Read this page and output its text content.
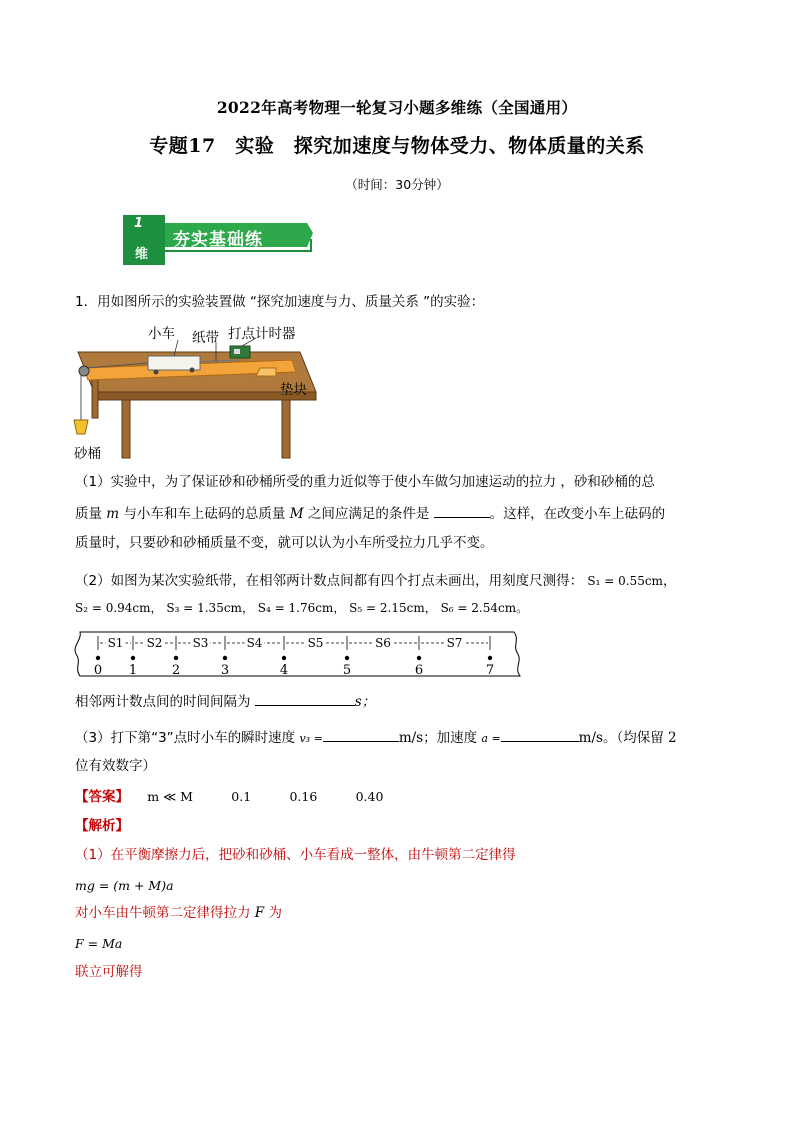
2022年高考物理一轮复习小题多维练（全国通用）
专题17　实验　探究加速度与物体受力、物体质量的关系
（时间：30分钟）
1
维
夯实基础练
1．用如图所示的实验装置做 “探究加速度与力、质量关系 ”的实验：
小车 纸带 打点计时器
垫块
砂桶
（1）实验中，为了保证砂和砂桶所受的重力近似等于使小车做匀加速运动的拉力 ，砂和砂桶的总
质量 m 与小车和车上砝码的总质量 M 之间应满足的条件是	。这样，在改变小车上砝码的
质量时，只要砂和砂桶质量不变，就可以认为小车所受拉力几乎不变。
（2）如图为某次实验纸带，在相邻两计数点间都有四个打点未画出，用刻度尺测得： S₁ = 0.55cm，
S₂ = 0.94cm， S₃ = 1.35cm， S₄ = 1.76cm， S₅ = 2.15cm， S₆ = 2.54cm。
0 1	2	3	4	5	6	7
S1 S2	S3	S4	S5	S6	S7
相邻两计数点间的时间间隔为	s；
（3）打下第“3”点时小车的瞬时速度 v₃ =	m/s；加速度 a =	m/s。（均保留 2
位有效数字）
【答案】 m ≪ M	0.1	0.16	0.40
【解析】
（1）在平衡摩擦力后，把砂和砂桶、小车看成一整体，由牛顿第二定律得
mg = (m + M)a
对小车由牛顿第二定律得拉力 F 为
F = Ma
联立可解得
